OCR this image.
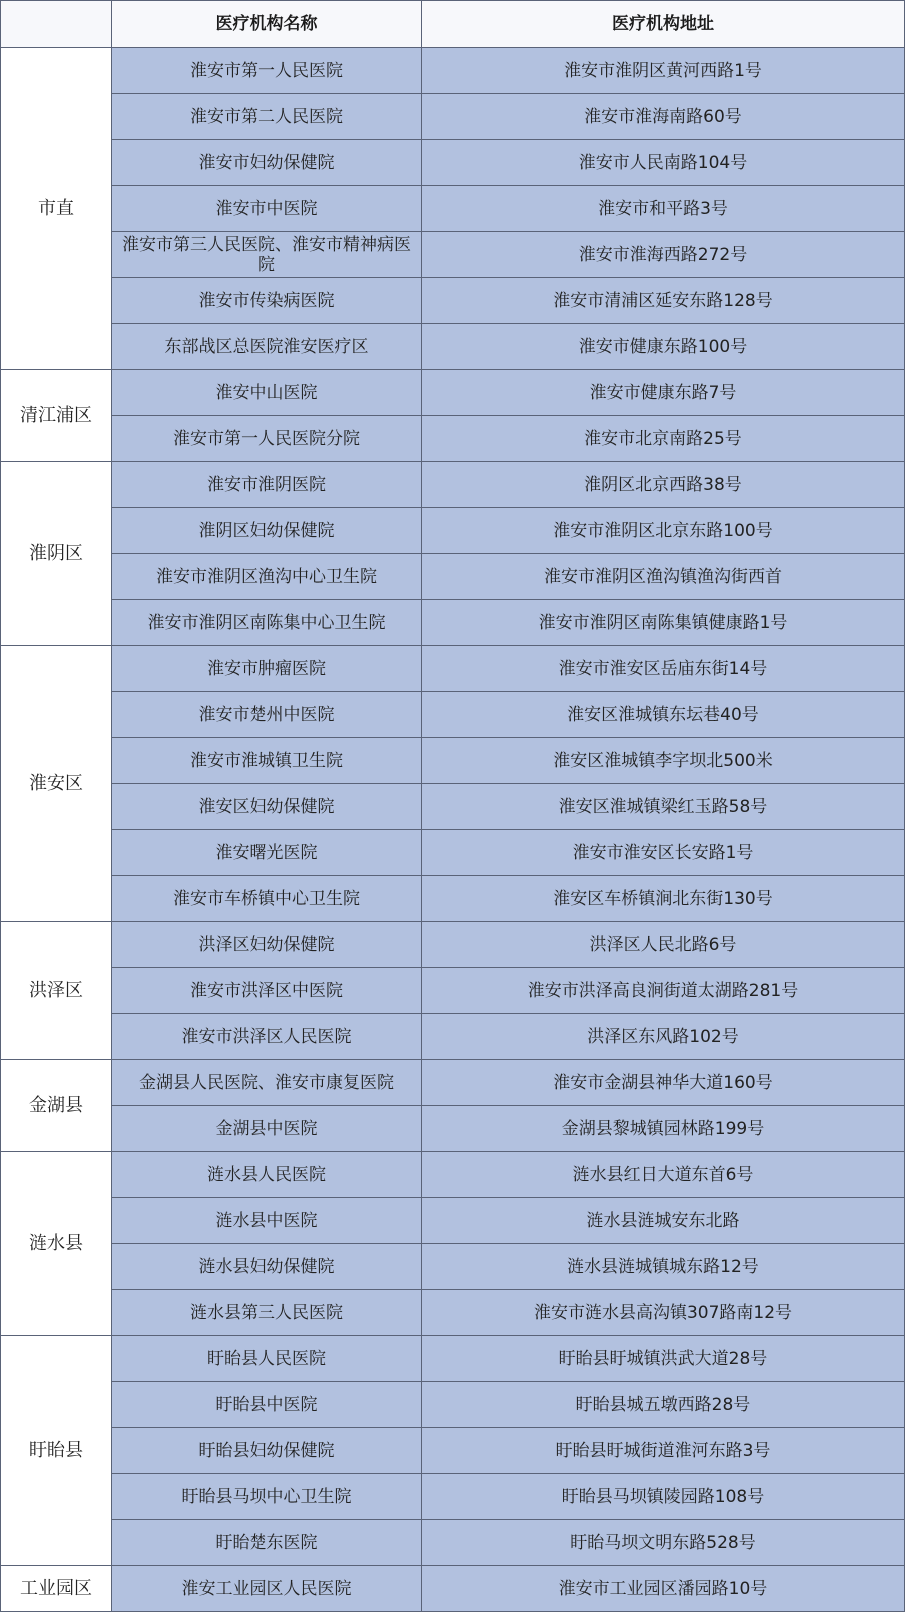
	医疗机构名称	医疗机构地址
市直	淮安市第一人民医院	淮安市淮阴区黄河西路1号
	淮安市第二人民医院	淮安市淮海南路60号
	淮安市妇幼保健院	淮安市人民南路104号
	淮安市中医院	淮安市和平路3号
	淮安市第三人民医院、淮安市精神病医院	淮安市淮海西路272号
	淮安市传染病医院	淮安市清浦区延安东路128号
	东部战区总医院淮安医疗区	淮安市健康东路100号
清江浦区	淮安中山医院	淮安市健康东路7号
	淮安市第一人民医院分院	淮安市北京南路25号
淮阴区	淮安市淮阴医院	淮阴区北京西路38号
	淮阴区妇幼保健院	淮安市淮阴区北京东路100号
	淮安市淮阴区渔沟中心卫生院	淮安市淮阴区渔沟镇渔沟街西首
	淮安市淮阴区南陈集中心卫生院	淮安市淮阴区南陈集镇健康路1号
淮安区	淮安市肿瘤医院	淮安市淮安区岳庙东街14号
	淮安市楚州中医院	淮安区淮城镇东坛巷40号
	淮安市淮城镇卫生院	淮安区淮城镇李字坝北500米
	淮安区妇幼保健院	淮安区淮城镇梁红玉路58号
	淮安曙光医院	淮安市淮安区长安路1号
	淮安市车桥镇中心卫生院	淮安区车桥镇涧北东街130号
洪泽区	洪泽区妇幼保健院	洪泽区人民北路6号
	淮安市洪泽区中医院	淮安市洪泽高良涧街道太湖路281号
	淮安市洪泽区人民医院	洪泽区东风路102号
金湖县	金湖县人民医院、淮安市康复医院	淮安市金湖县神华大道160号
	金湖县中医院	金湖县黎城镇园林路199号
涟水县	涟水县人民医院	涟水县红日大道东首6号
	涟水县中医院	涟水县涟城安东北路
	涟水县妇幼保健院	涟水县涟城镇城东路12号
	涟水县第三人民医院	淮安市涟水县高沟镇307路南12号
盱眙县	盱眙县人民医院	盱眙县盱城镇洪武大道28号
	盱眙县中医院	盱眙县城五墩西路28号
	盱眙县妇幼保健院	盱眙县盱城街道淮河东路3号
	盱眙县马坝中心卫生院	盱眙县马坝镇陵园路108号
	盱眙楚东医院	盱眙马坝文明东路528号
工业园区	淮安工业园区人民医院	淮安市工业园区潘园路10号
